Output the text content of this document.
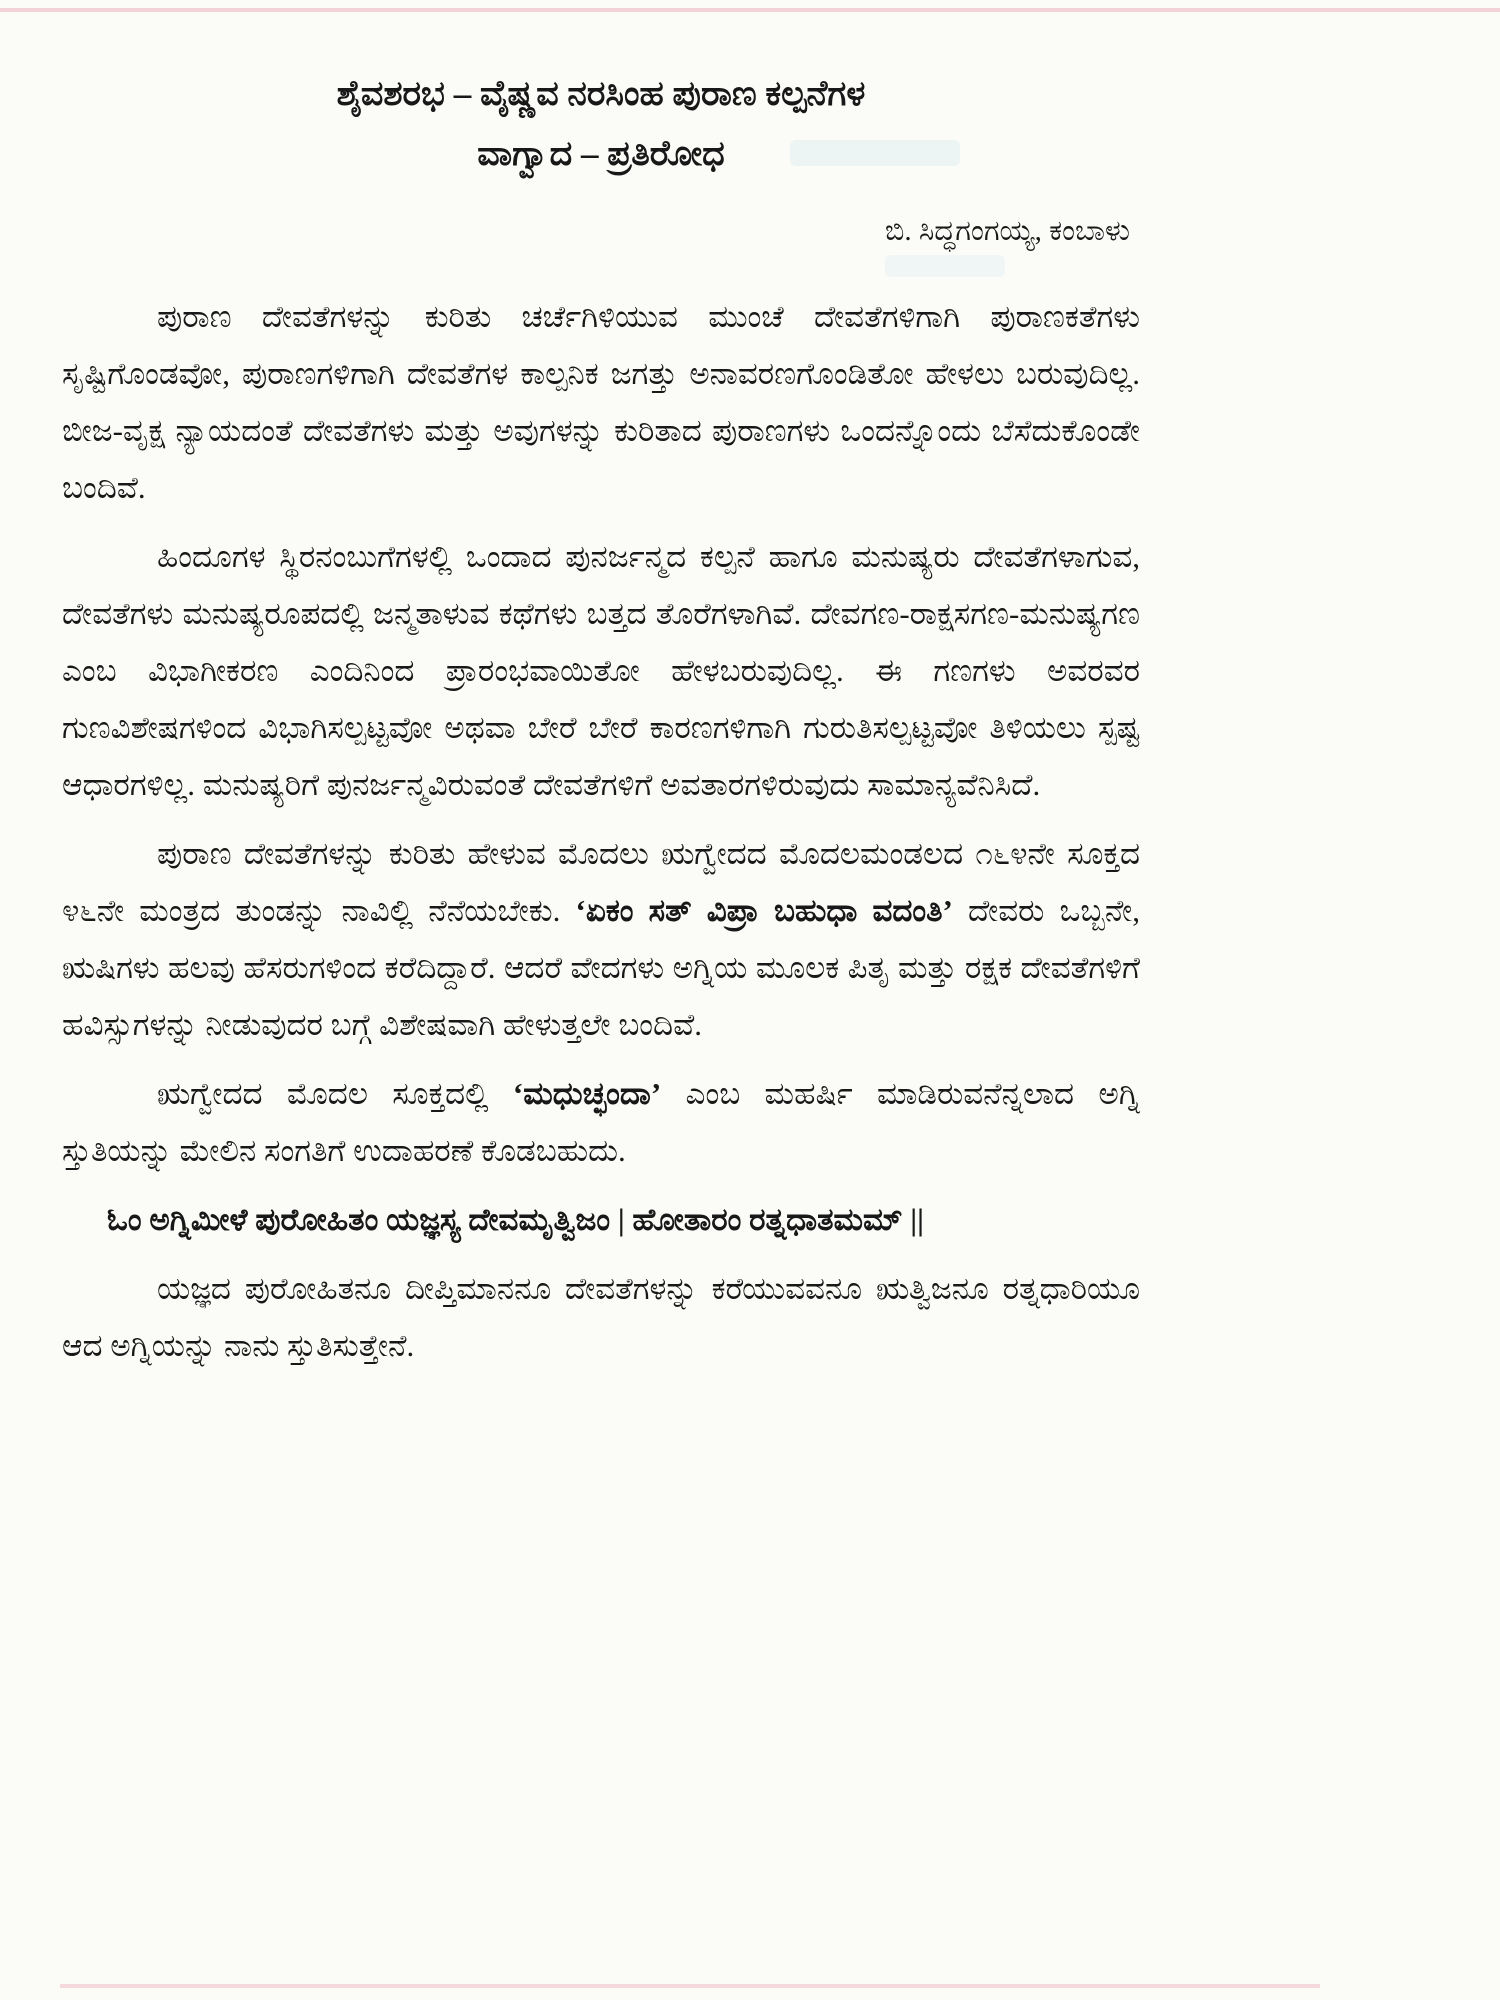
ಶೈವಶರಭ – ವೈಷ್ಣವ ನರಸಿಂಹ ಪುರಾಣ ಕಲ್ಪನೆಗಳ
ವಾಗ್ವಾದ – ಪ್ರತಿರೋಧ
ಬಿ. ಸಿದ್ಧಗಂಗಯ್ಯ, ಕಂಬಾಳು

ಪುರಾಣ ದೇವತೆಗಳನ್ನು ಕುರಿತು ಚರ್ಚೆಗಿಳಿಯುವ ಮುಂಚೆ ದೇವತೆಗಳಿಗಾಗಿ ಪುರಾಣಕತೆಗಳು ಸೃಷ್ಟಿಗೊಂಡವೋ, ಪುರಾಣಗಳಿಗಾಗಿ ದೇವತೆಗಳ ಕಾಲ್ಪನಿಕ ಜಗತ್ತು ಅನಾವರಣಗೊಂಡಿತೋ ಹೇಳಲು ಬರುವುದಿಲ್ಲ. ಬೀಜ-ವೃಕ್ಷ ನ್ಯಾಯದಂತೆ ದೇವತೆಗಳು ಮತ್ತು ಅವುಗಳನ್ನು ಕುರಿತಾದ ಪುರಾಣಗಳು ಒಂದನ್ನೊಂದು ಬೆಸೆದುಕೊಂಡೇ ಬಂದಿವೆ.

ಹಿಂದೂಗಳ ಸ್ಥಿರನಂಬುಗೆಗಳಲ್ಲಿ ಒಂದಾದ ಪುನರ್ಜನ್ಮದ ಕಲ್ಪನೆ ಹಾಗೂ ಮನುಷ್ಯರು ದೇವತೆಗಳಾಗುವ, ದೇವತೆಗಳು ಮನುಷ್ಯರೂಪದಲ್ಲಿ ಜನ್ಮತಾಳುವ ಕಥೆಗಳು ಬತ್ತದ ತೊರೆಗಳಾಗಿವೆ. ದೇವಗಣ-ರಾಕ್ಷಸಗಣ-ಮನುಷ್ಯಗಣ ಎಂಬ ವಿಭಾಗೀಕರಣ ಎಂದಿನಿಂದ ಪ್ರಾರಂಭವಾಯಿತೋ ಹೇಳಬರುವುದಿಲ್ಲ. ಈ ಗಣಗಳು ಅವರವರ ಗುಣವಿಶೇಷಗಳಿಂದ ವಿಭಾಗಿಸಲ್ಪಟ್ಟವೋ ಅಥವಾ ಬೇರೆ ಬೇರೆ ಕಾರಣಗಳಿಗಾಗಿ ಗುರುತಿಸಲ್ಪಟ್ಟವೋ ತಿಳಿಯಲು ಸ್ಪಷ್ಟ ಆಧಾರಗಳಿಲ್ಲ. ಮನುಷ್ಯರಿಗೆ ಪುನರ್ಜನ್ಮವಿರುವಂತೆ ದೇವತೆಗಳಿಗೆ ಅವತಾರಗಳಿರುವುದು ಸಾಮಾನ್ಯವೆನಿಸಿದೆ.

ಪುರಾಣ ದೇವತೆಗಳನ್ನು ಕುರಿತು ಹೇಳುವ ಮೊದಲು ಋಗ್ವೇದದ ಮೊದಲಮಂಡಲದ ೧೬೪ನೇ ಸೂಕ್ತದ ೪೬ನೇ ಮಂತ್ರದ ತುಂಡನ್ನು ನಾವಿಲ್ಲಿ ನೆನೆಯಬೇಕು. ‘ಏಕಂ ಸತ್ ವಿಪ್ರಾ ಬಹುಧಾ ವದಂತಿ’ ದೇವರು ಒಬ್ಬನೇ, ಋಷಿಗಳು ಹಲವು ಹೆಸರುಗಳಿಂದ ಕರೆದಿದ್ದಾರೆ. ಆದರೆ ವೇದಗಳು ಅಗ್ನಿಯ ಮೂಲಕ ಪಿತೃ ಮತ್ತು ರಕ್ಷಕ ದೇವತೆಗಳಿಗೆ ಹವಿಸ್ಸುಗಳನ್ನು ನೀಡುವುದರ ಬಗ್ಗೆ ವಿಶೇಷವಾಗಿ ಹೇಳುತ್ತಲೇ ಬಂದಿವೆ.

ಋಗ್ವೇದದ ಮೊದಲ ಸೂಕ್ತದಲ್ಲಿ ‘ಮಧುಚ್ಛಂದಾ’ ಎಂಬ ಮಹರ್ಷಿ ಮಾಡಿರುವನೆನ್ನಲಾದ ಅಗ್ನಿ ಸ್ತುತಿಯನ್ನು ಮೇಲಿನ ಸಂಗತಿಗೆ ಉದಾಹರಣೆ ಕೊಡಬಹುದು.

ಓಂ ಅಗ್ನಿಮೀಳೆ ಪುರೋಹಿತಂ ಯಜ್ಞಸ್ಯ ದೇವಮೃತ್ವಿಜಂ | ಹೋತಾರಂ ರತ್ನಧಾತಮಮ್ ||

ಯಜ್ಞದ ಪುರೋಹಿತನೂ ದೀಪ್ತಿಮಾನನೂ ದೇವತೆಗಳನ್ನು ಕರೆಯುವವನೂ ಋತ್ವಿಜನೂ ರತ್ನಧಾರಿಯೂ ಆದ ಅಗ್ನಿಯನ್ನು ನಾನು ಸ್ತುತಿಸುತ್ತೇನೆ.
